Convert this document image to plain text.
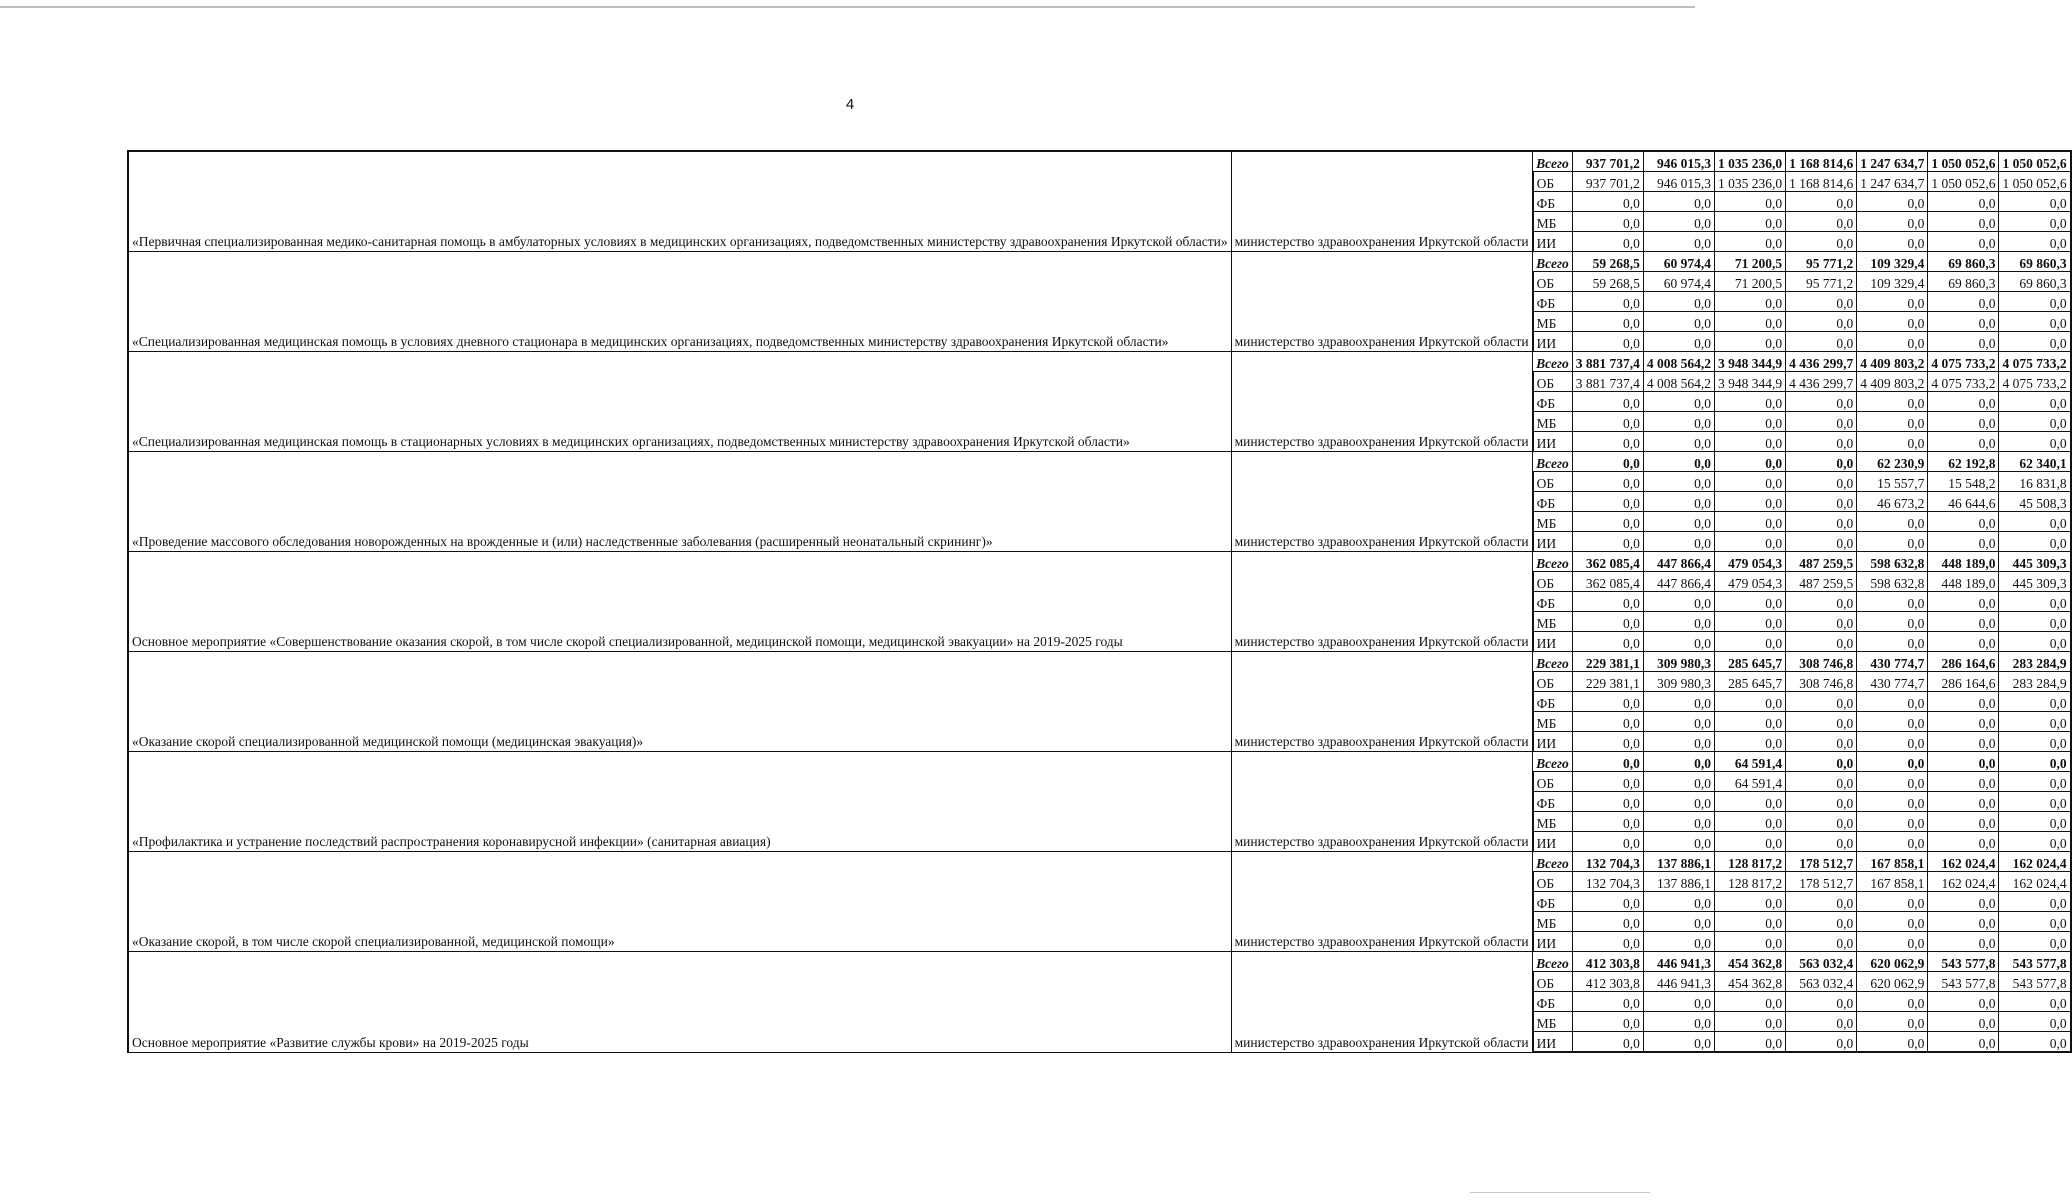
4
«Первичная специализированная медико-санитарная помощь в амбулаторных условиях в медицинских организациях, подведомственных министерству здравоохранения Иркутской области»	министерство здравоохранения Иркутской области	Всего	937 701,2	946 015,3	1 035 236,0	1 168 814,6	1 247 634,7	1 050 052,6	1 050 052,6
		ОБ	937 701,2	946 015,3	1 035 236,0	1 168 814,6	1 247 634,7	1 050 052,6	1 050 052,6
		ФБ	0,0	0,0	0,0	0,0	0,0	0,0	0,0
		МБ	0,0	0,0	0,0	0,0	0,0	0,0	0,0
		ИИ	0,0	0,0	0,0	0,0	0,0	0,0	0,0
«Специализированная медицинская помощь в условиях дневного стационара в медицинских организациях, подведомственных министерству здравоохранения Иркутской области»	министерство здравоохранения Иркутской области	Всего	59 268,5	60 974,4	71 200,5	95 771,2	109 329,4	69 860,3	69 860,3
		ОБ	59 268,5	60 974,4	71 200,5	95 771,2	109 329,4	69 860,3	69 860,3
		ФБ	0,0	0,0	0,0	0,0	0,0	0,0	0,0
		МБ	0,0	0,0	0,0	0,0	0,0	0,0	0,0
		ИИ	0,0	0,0	0,0	0,0	0,0	0,0	0,0
«Специализированная медицинская помощь в стационарных условиях в медицинских организациях, подведомственных министерству здравоохранения Иркутской области»	министерство здравоохранения Иркутской области	Всего	3 881 737,4	4 008 564,2	3 948 344,9	4 436 299,7	4 409 803,2	4 075 733,2	4 075 733,2
		ОБ	3 881 737,4	4 008 564,2	3 948 344,9	4 436 299,7	4 409 803,2	4 075 733,2	4 075 733,2
		ФБ	0,0	0,0	0,0	0,0	0,0	0,0	0,0
		МБ	0,0	0,0	0,0	0,0	0,0	0,0	0,0
		ИИ	0,0	0,0	0,0	0,0	0,0	0,0	0,0
«Проведение массового обследования новорожденных на врожденные и (или) наследственные заболевания (расширенный неонатальный скрининг)»	министерство здравоохранения Иркутской области	Всего	0,0	0,0	0,0	0,0	62 230,9	62 192,8	62 340,1
		ОБ	0,0	0,0	0,0	0,0	15 557,7	15 548,2	16 831,8
		ФБ	0,0	0,0	0,0	0,0	46 673,2	46 644,6	45 508,3
		МБ	0,0	0,0	0,0	0,0	0,0	0,0	0,0
		ИИ	0,0	0,0	0,0	0,0	0,0	0,0	0,0
Основное мероприятие «Совершенствование оказания скорой, в том числе скорой специализированной, медицинской помощи, медицинской эвакуации» на 2019-2025 годы	министерство здравоохранения Иркутской области	Всего	362 085,4	447 866,4	479 054,3	487 259,5	598 632,8	448 189,0	445 309,3
		ОБ	362 085,4	447 866,4	479 054,3	487 259,5	598 632,8	448 189,0	445 309,3
		ФБ	0,0	0,0	0,0	0,0	0,0	0,0	0,0
		МБ	0,0	0,0	0,0	0,0	0,0	0,0	0,0
		ИИ	0,0	0,0	0,0	0,0	0,0	0,0	0,0
«Оказание скорой специализированной медицинской помощи (медицинская эвакуация)»	министерство здравоохранения Иркутской области	Всего	229 381,1	309 980,3	285 645,7	308 746,8	430 774,7	286 164,6	283 284,9
		ОБ	229 381,1	309 980,3	285 645,7	308 746,8	430 774,7	286 164,6	283 284,9
		ФБ	0,0	0,0	0,0	0,0	0,0	0,0	0,0
		МБ	0,0	0,0	0,0	0,0	0,0	0,0	0,0
		ИИ	0,0	0,0	0,0	0,0	0,0	0,0	0,0
«Профилактика и устранение последствий распространения коронавирусной инфекции» (санитарная авиация)	министерство здравоохранения Иркутской области	Всего	0,0	0,0	64 591,4	0,0	0,0	0,0	0,0
		ОБ	0,0	0,0	64 591,4	0,0	0,0	0,0	0,0
		ФБ	0,0	0,0	0,0	0,0	0,0	0,0	0,0
		МБ	0,0	0,0	0,0	0,0	0,0	0,0	0,0
		ИИ	0,0	0,0	0,0	0,0	0,0	0,0	0,0
«Оказание скорой, в том числе скорой специализированной, медицинской помощи»	министерство здравоохранения Иркутской области	Всего	132 704,3	137 886,1	128 817,2	178 512,7	167 858,1	162 024,4	162 024,4
		ОБ	132 704,3	137 886,1	128 817,2	178 512,7	167 858,1	162 024,4	162 024,4
		ФБ	0,0	0,0	0,0	0,0	0,0	0,0	0,0
		МБ	0,0	0,0	0,0	0,0	0,0	0,0	0,0
		ИИ	0,0	0,0	0,0	0,0	0,0	0,0	0,0
Основное мероприятие «Развитие службы крови» на 2019-2025 годы	министерство здравоохранения Иркутской области	Всего	412 303,8	446 941,3	454 362,8	563 032,4	620 062,9	543 577,8	543 577,8
		ОБ	412 303,8	446 941,3	454 362,8	563 032,4	620 062,9	543 577,8	543 577,8
		ФБ	0,0	0,0	0,0	0,0	0,0	0,0	0,0
		МБ	0,0	0,0	0,0	0,0	0,0	0,0	0,0
		ИИ	0,0	0,0	0,0	0,0	0,0	0,0	0,0
